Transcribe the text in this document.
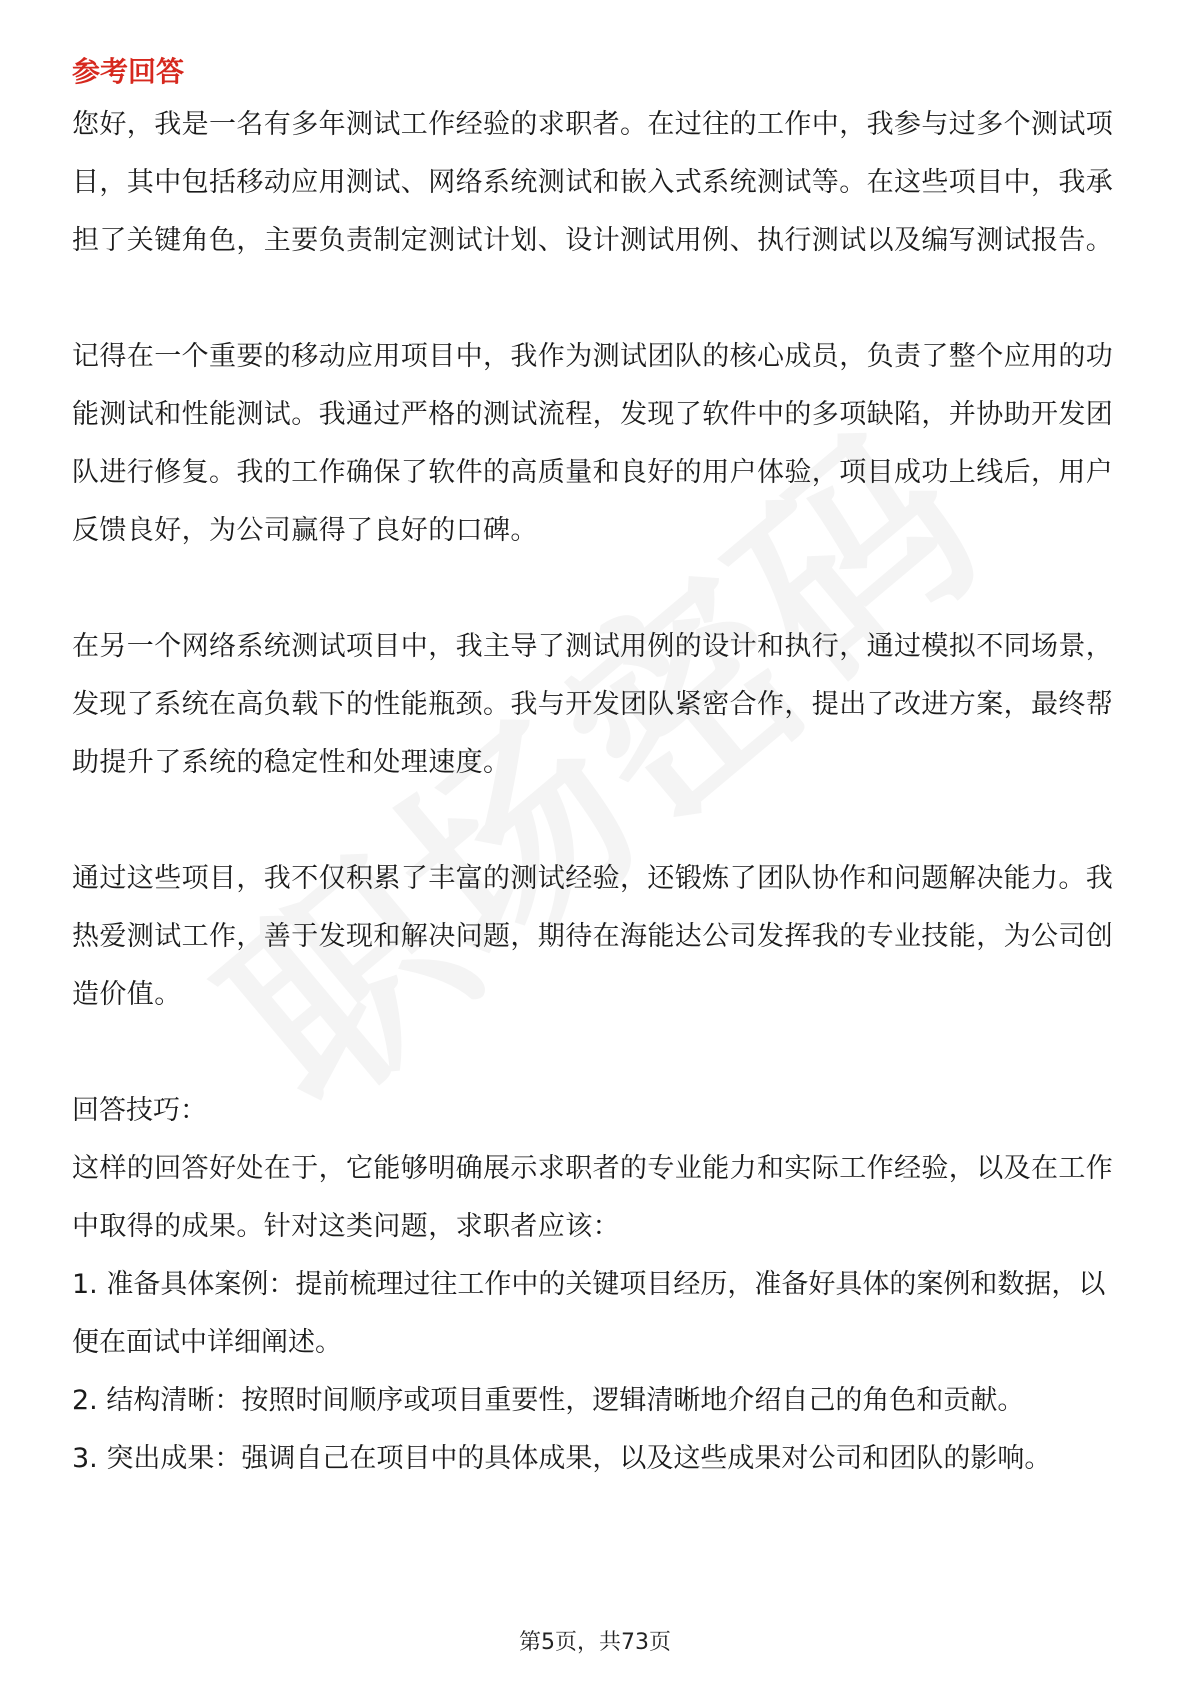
参考回答

您好，我是一名有多年测试工作经验的求职者。在过往的工作中，我参与过多个测试项目，其中包括移动应用测试、网络系统测试和嵌入式系统测试等。在这些项目中，我承担了关键角色，主要负责制定测试计划、设计测试用例、执行测试以及编写测试报告。

记得在一个重要的移动应用项目中，我作为测试团队的核心成员，负责了整个应用的功能测试和性能测试。我通过严格的测试流程，发现了软件中的多项缺陷，并协助开发团队进行修复。我的工作确保了软件的高质量和良好的用户体验，项目成功上线后，用户反馈良好，为公司赢得了良好的口碑。

在另一个网络系统测试项目中，我主导了测试用例的设计和执行，通过模拟不同场景，发现了系统在高负载下的性能瓶颈。我与开发团队紧密合作，提出了改进方案，最终帮助提升了系统的稳定性和处理速度。

通过这些项目，我不仅积累了丰富的测试经验，还锻炼了团队协作和问题解决能力。我热爱测试工作，善于发现和解决问题，期待在海能达公司发挥我的专业技能，为公司创造价值。

回答技巧：

这样的回答好处在于，它能够明确展示求职者的专业能力和实际工作经验，以及在工作中取得的成果。针对这类问题，求职者应该：

1. 准备具体案例：提前梳理过往工作中的关键项目经历，准备好具体的案例和数据，以便在面试中详细阐述。

2. 结构清晰：按照时间顺序或项目重要性，逻辑清晰地介绍自己的角色和贡献。

3. 突出成果：强调自己在项目中的具体成果，以及这些成果对公司和团队的影响。

第5页，共73页
